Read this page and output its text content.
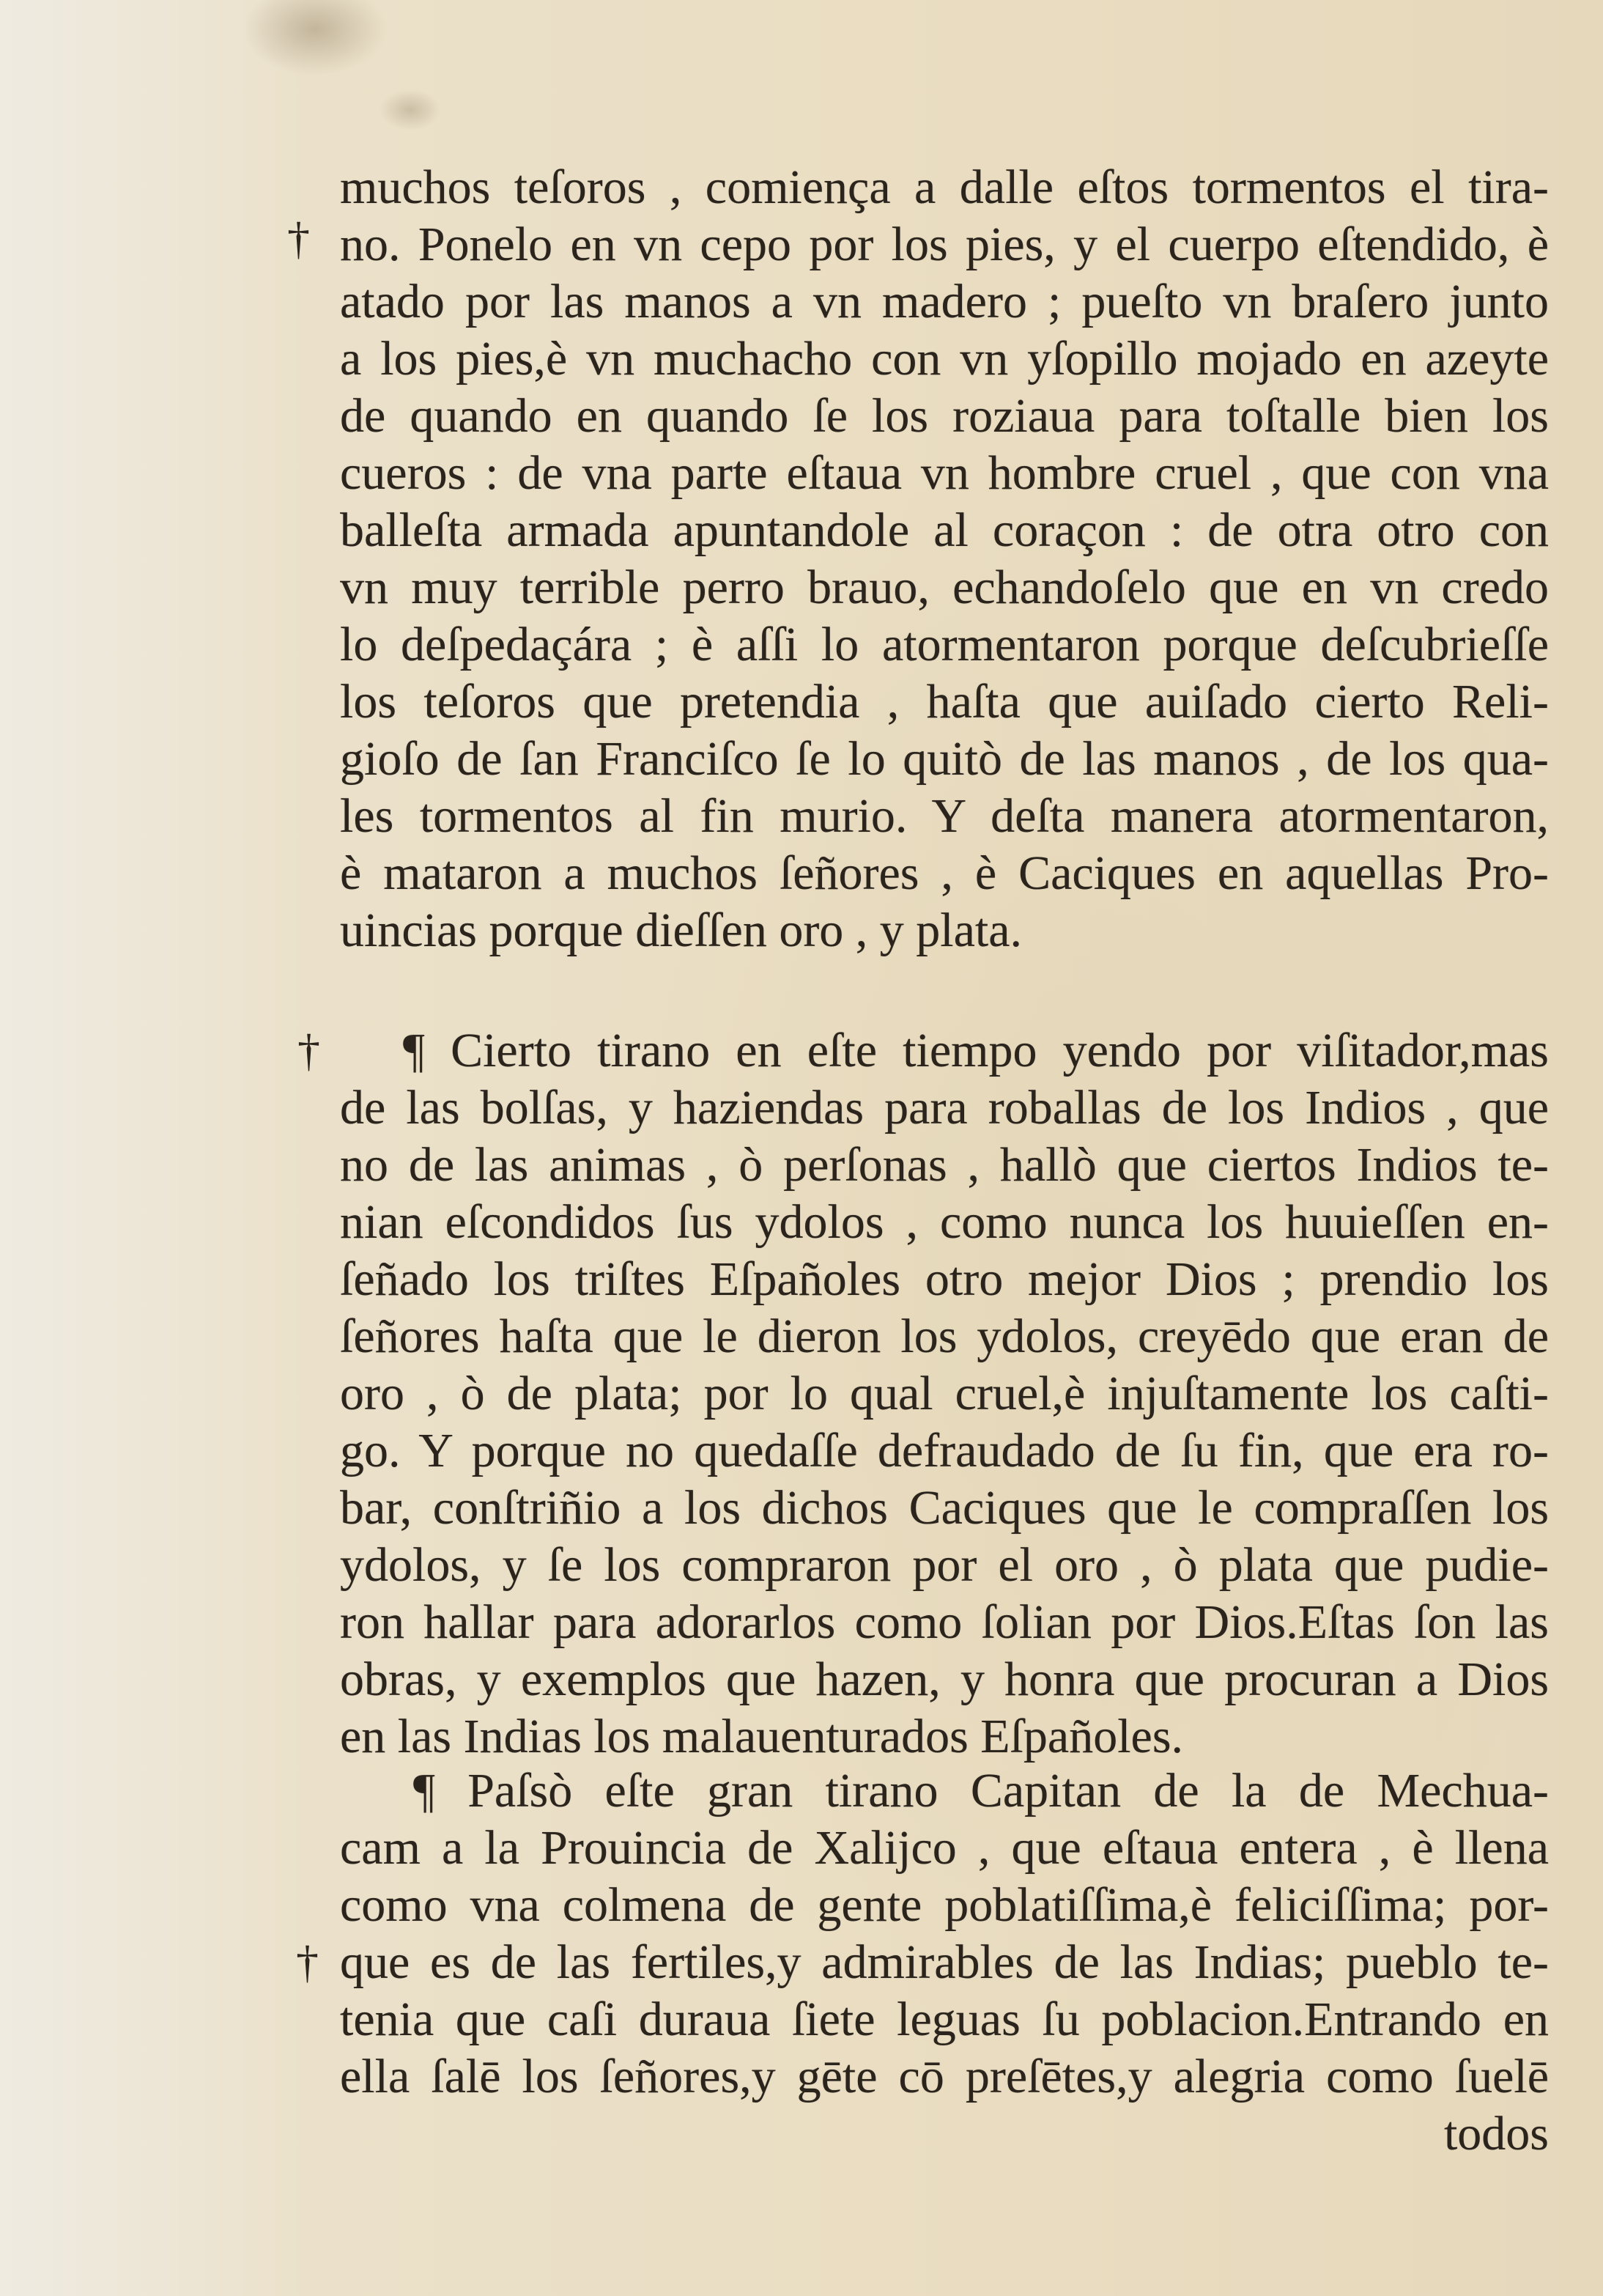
†
†
†
muchos teſoros , comiença a dalle eſtos tormentos el tira-
no. Ponelo en vn cepo por los pies, y el cuerpo eſtendido, è
atado por las manos a vn madero ; pueſto vn braſero junto
a los pies,è vn muchacho con vn yſopillo mojado en azeyte
de quando en quando ſe los roziaua para toſtalle bien los
cueros : de vna parte eſtaua vn hombre cruel , que con vna
balleſta armada apuntandole al coraçon : de otra otro con
vn muy terrible perro brauo, echandoſelo que en vn credo
lo deſpedaçára ; è aſſi lo atormentaron porque deſcubrieſſe
los teſoros que pretendia , haſta que auiſado cierto Reli-
gioſo de ſan Franciſco ſe lo quitò de las manos , de los qua-
les tormentos al fin murio. Y deſta manera atormentaron,
è mataron a muchos ſeñores , è Caciques en aquellas Pro-
uincias porque dieſſen oro , y plata.
¶ Cierto tirano en eſte tiempo yendo por viſitador,mas
de las bolſas, y haziendas para roballas de los Indios , que
no de las animas , ò perſonas , hallò que ciertos Indios te-
nian eſcondidos ſus ydolos , como nunca los huuieſſen en-
ſeñado los triſtes Eſpañoles otro mejor Dios ; prendio los
ſeñores haſta que le dieron los ydolos, creyēdo que eran de
oro , ò de plata; por lo qual cruel,è injuſtamente los caſti-
go. Y porque no quedaſſe defraudado de ſu fin, que era ro-
bar, conſtriñio a los dichos Caciques que le compraſſen los
ydolos, y ſe los compraron por el oro , ò plata que pudie-
ron hallar para adorarlos como ſolian por Dios.Eſtas ſon las
obras, y exemplos que hazen, y honra que procuran a Dios
en las Indias los malauenturados Eſpañoles.
¶ Paſsò eſte gran tirano Capitan de la de Mechua-
cam a la Prouincia de Xalijco , que eſtaua entera , è llena
como vna colmena de gente poblatiſſima,è feliciſſima; por-
que es de las fertiles,y admirables de las Indias; pueblo te-
tenia que caſi duraua ſiete leguas ſu poblacion.Entrando en
ella ſalē los ſeñores,y gēte cō preſētes,y alegria como ſuelē
todos
